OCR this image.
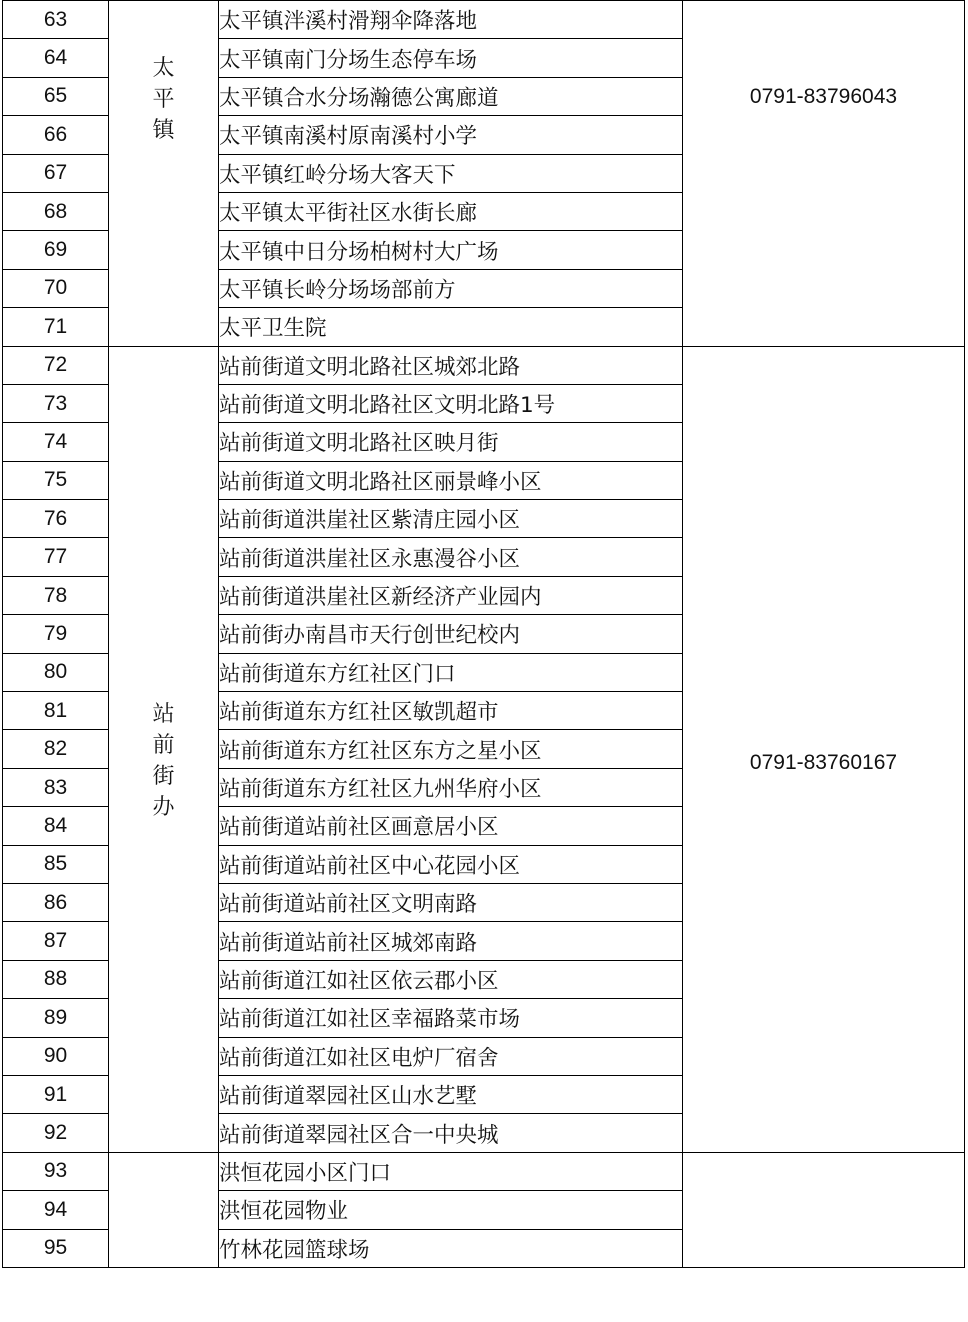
63	太平镇	太平镇泮溪村滑翔伞降落地	0791-83796043
64		太平镇南门分场生态停车场	
65		太平镇合水分场瀚德公寓廊道	
66		太平镇南溪村原南溪村小学	
67		太平镇红岭分场大客天下	
68		太平镇太平街社区水街长廊	
69		太平镇中日分场柏树村大广场	
70		太平镇长岭分场场部前方	
71		太平卫生院	
72	站前街办	站前街道文明北路社区城郊北路	0791-83760167
73		站前街道文明北路社区文明北路1号	
74		站前街道文明北路社区映月街	
75		站前街道文明北路社区丽景峰小区	
76		站前街道洪崖社区紫清庄园小区	
77		站前街道洪崖社区永惠漫谷小区	
78		站前街道洪崖社区新经济产业园内	
79		站前街办南昌市天行创世纪校内	
80		站前街道东方红社区门口	
81		站前街道东方红社区敏凯超市	
82		站前街道东方红社区东方之星小区	
83		站前街道东方红社区九州华府小区	
84		站前街道站前社区画意居小区	
85		站前街道站前社区中心花园小区	
86		站前街道站前社区文明南路	
87		站前街道站前社区城郊南路	
88		站前街道江如社区依云郡小区	
89		站前街道江如社区幸福路菜市场	
90		站前街道江如社区电炉厂宿舍	
91		站前街道翠园社区山水艺墅	
92		站前街道翠园社区合一中央城	
93		洪恒花园小区门口	
94		洪恒花园物业	
95		竹林花园篮球场	
